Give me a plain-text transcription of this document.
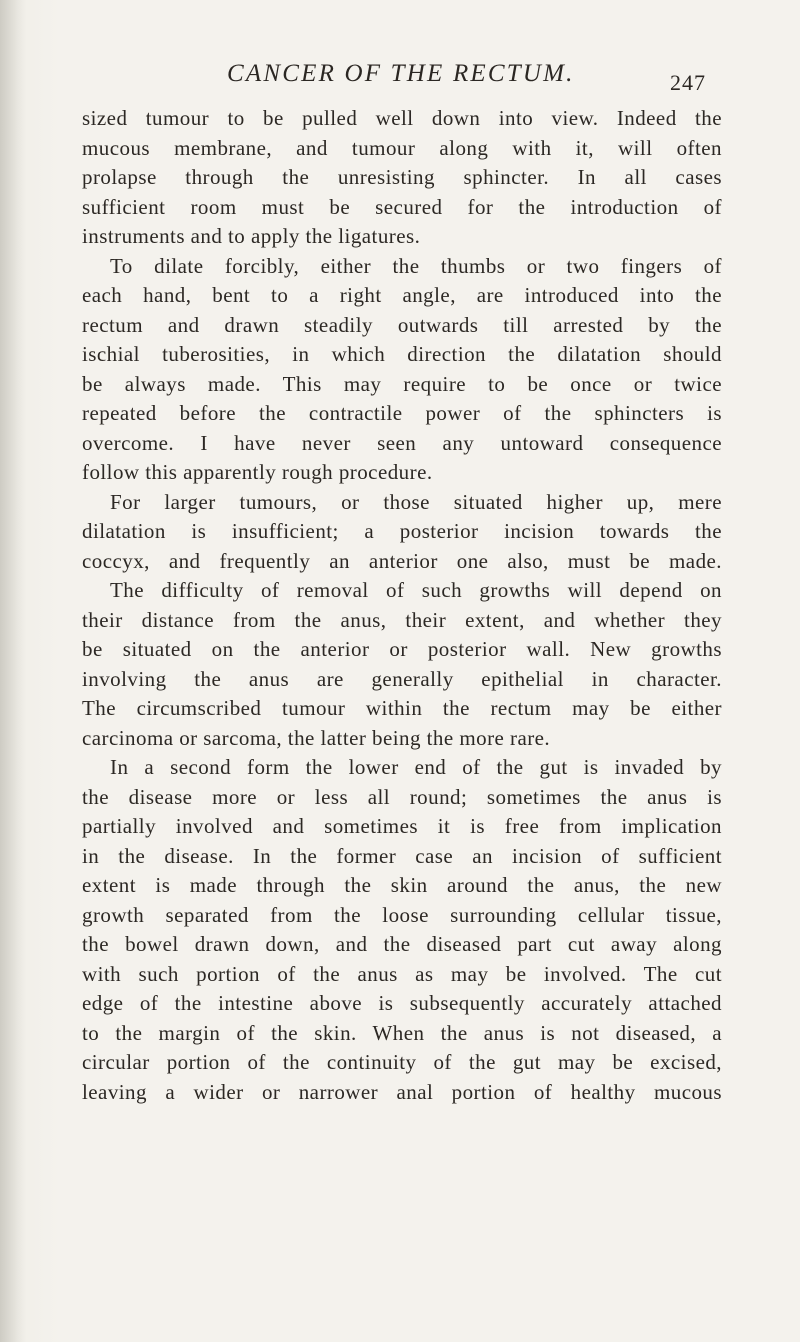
CANCER OF THE RECTUM.	247
sized tumour to be pulled well down into view. Indeed the
mucous membrane, and tumour along with it, will often
prolapse through the unresisting sphincter. In all cases
sufficient room must be secured for the introduction of
instruments and to apply the ligatures.
To dilate forcibly, either the thumbs or two fingers of
each hand, bent to a right angle, are introduced into the
rectum and drawn steadily outwards till arrested by the
ischial tuberosities, in which direction the dilatation should
be always made. This may require to be once or twice
repeated before the contractile power of the sphincters is
overcome. I have never seen any untoward consequence
follow this apparently rough procedure.
For larger tumours, or those situated higher up, mere
dilatation is insufficient; a posterior incision towards the
coccyx, and frequently an anterior one also, must be made.
The difficulty of removal of such growths will depend on
their distance from the anus, their extent, and whether they
be situated on the anterior or posterior wall. New growths
involving the anus are generally epithelial in character.
The circumscribed tumour within the rectum may be either
carcinoma or sarcoma, the latter being the more rare.
In a second form the lower end of the gut is invaded by
the disease more or less all round; sometimes the anus is
partially involved and sometimes it is free from implication
in the disease. In the former case an incision of sufficient
extent is made through the skin around the anus, the new
growth separated from the loose surrounding cellular tissue,
the bowel drawn down, and the diseased part cut away along
with such portion of the anus as may be involved. The cut
edge of the intestine above is subsequently accurately attached
to the margin of the skin. When the anus is not diseased, a
circular portion of the continuity of the gut may be excised,
leaving a wider or narrower anal portion of healthy mucous
